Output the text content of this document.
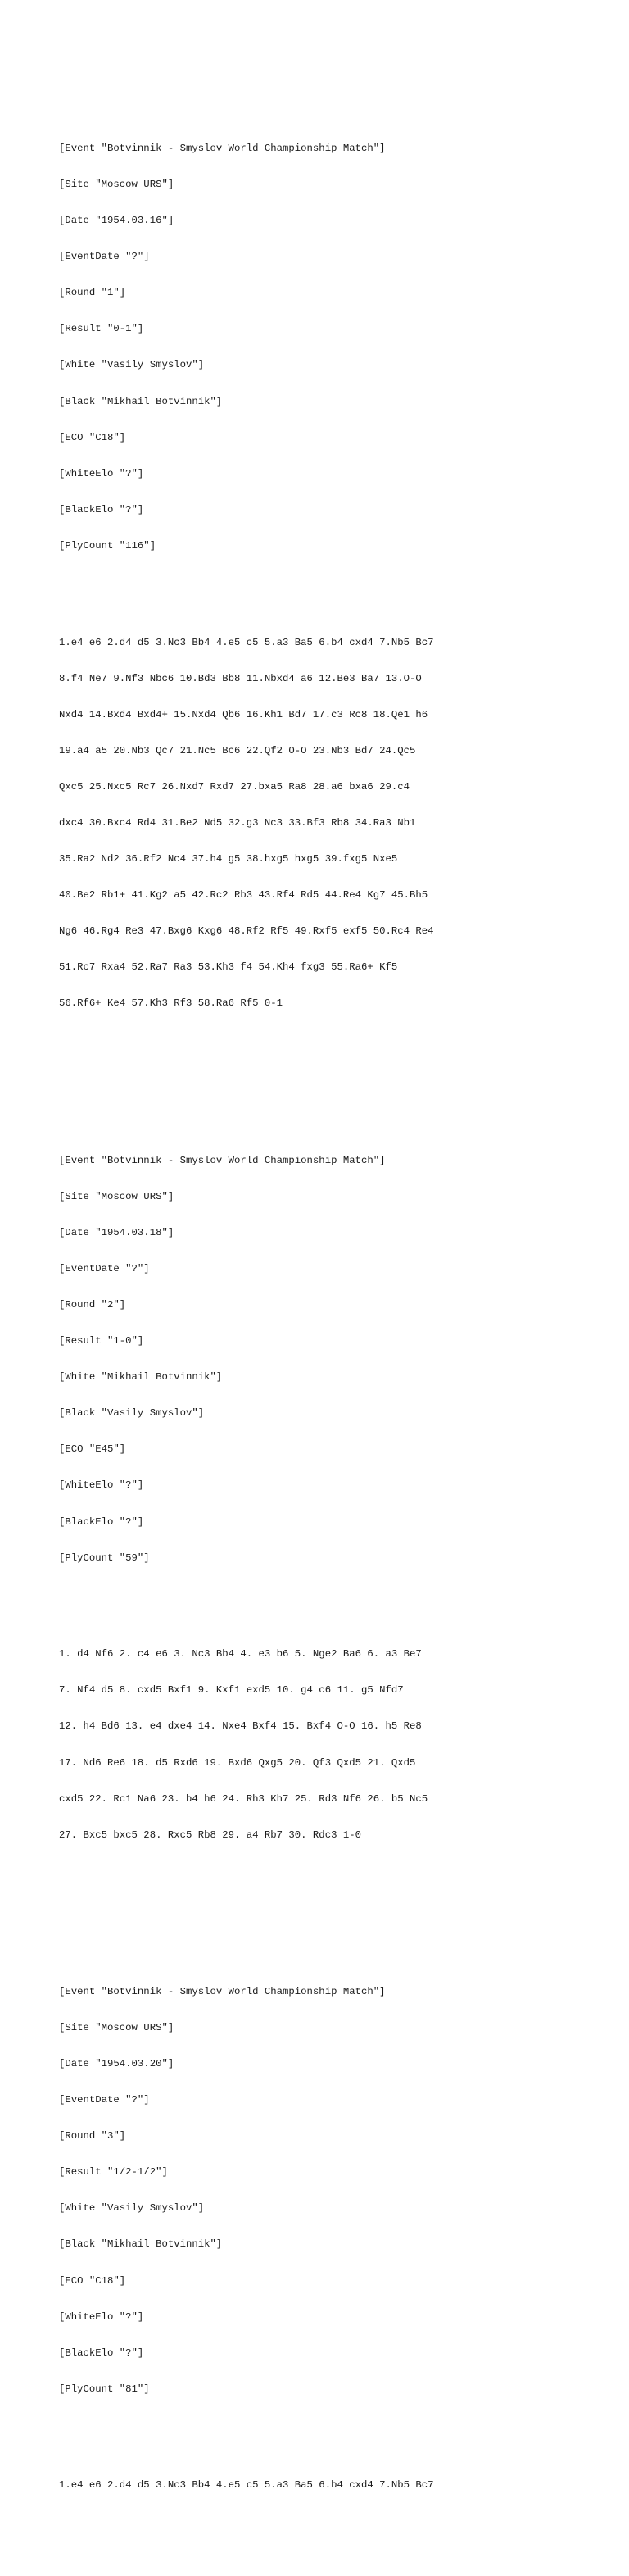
[Event "Botvinnik - Smyslov World Championship Match"]

[Site "Moscow URS"]

[Date "1954.03.16"]

[EventDate "?"]

[Round "1"]

[Result "0-1"]

[White "Vasily Smyslov"]

[Black "Mikhail Botvinnik"]

[ECO "C18"]

[WhiteElo "?"]

[BlackElo "?"]

[PlyCount "116"]

1.e4 e6 2.d4 d5 3.Nc3 Bb4 4.e5 c5 5.a3 Ba5 6.b4 cxd4 7.Nb5 Bc7

8.f4 Ne7 9.Nf3 Nbc6 10.Bd3 Bb8 11.Nbxd4 a6 12.Be3 Ba7 13.O-O

Nxd4 14.Bxd4 Bxd4+ 15.Nxd4 Qb6 16.Kh1 Bd7 17.c3 Rc8 18.Qe1 h6

19.a4 a5 20.Nb3 Qc7 21.Nc5 Bc6 22.Qf2 O-O 23.Nb3 Bd7 24.Qc5

Qxc5 25.Nxc5 Rc7 26.Nxd7 Rxd7 27.bxa5 Ra8 28.a6 bxa6 29.c4

dxc4 30.Bxc4 Rd4 31.Be2 Nd5 32.g3 Nc3 33.Bf3 Rb8 34.Ra3 Nb1

35.Ra2 Nd2 36.Rf2 Nc4 37.h4 g5 38.hxg5 hxg5 39.fxg5 Nxe5

40.Be2 Rb1+ 41.Kg2 a5 42.Rc2 Rb3 43.Rf4 Rd5 44.Re4 Kg7 45.Bh5

Ng6 46.Rg4 Re3 47.Bxg6 Kxg6 48.Rf2 Rf5 49.Rxf5 exf5 50.Rc4 Re4

51.Rc7 Rxa4 52.Ra7 Ra3 53.Kh3 f4 54.Kh4 fxg3 55.Ra6+ Kf5

56.Rf6+ Ke4 57.Kh3 Rf3 58.Ra6 Rf5 0-1

[Event "Botvinnik - Smyslov World Championship Match"]

[Site "Moscow URS"]

[Date "1954.03.18"]

[EventDate "?"]

[Round "2"]

[Result "1-0"]

[White "Mikhail Botvinnik"]

[Black "Vasily Smyslov"]

[ECO "E45"]

[WhiteElo "?"]

[BlackElo "?"]

[PlyCount "59"]

1. d4 Nf6 2. c4 e6 3. Nc3 Bb4 4. e3 b6 5. Nge2 Ba6 6. a3 Be7

7. Nf4 d5 8. cxd5 Bxf1 9. Kxf1 exd5 10. g4 c6 11. g5 Nfd7

12. h4 Bd6 13. e4 dxe4 14. Nxe4 Bxf4 15. Bxf4 O-O 16. h5 Re8

17. Nd6 Re6 18. d5 Rxd6 19. Bxd6 Qxg5 20. Qf3 Qxd5 21. Qxd5

cxd5 22. Rc1 Na6 23. b4 h6 24. Rh3 Kh7 25. Rd3 Nf6 26. b5 Nc5

27. Bxc5 bxc5 28. Rxc5 Rb8 29. a4 Rb7 30. Rdc3 1-0

[Event "Botvinnik - Smyslov World Championship Match"]

[Site "Moscow URS"]

[Date "1954.03.20"]

[EventDate "?"]

[Round "3"]

[Result "1/2-1/2"]

[White "Vasily Smyslov"]

[Black "Mikhail Botvinnik"]

[ECO "C18"]

[WhiteElo "?"]

[BlackElo "?"]

[PlyCount "81"]

1.e4 e6 2.d4 d5 3.Nc3 Bb4 4.e5 c5 5.a3 Ba5 6.b4 cxd4 7.Nb5 Bc7
